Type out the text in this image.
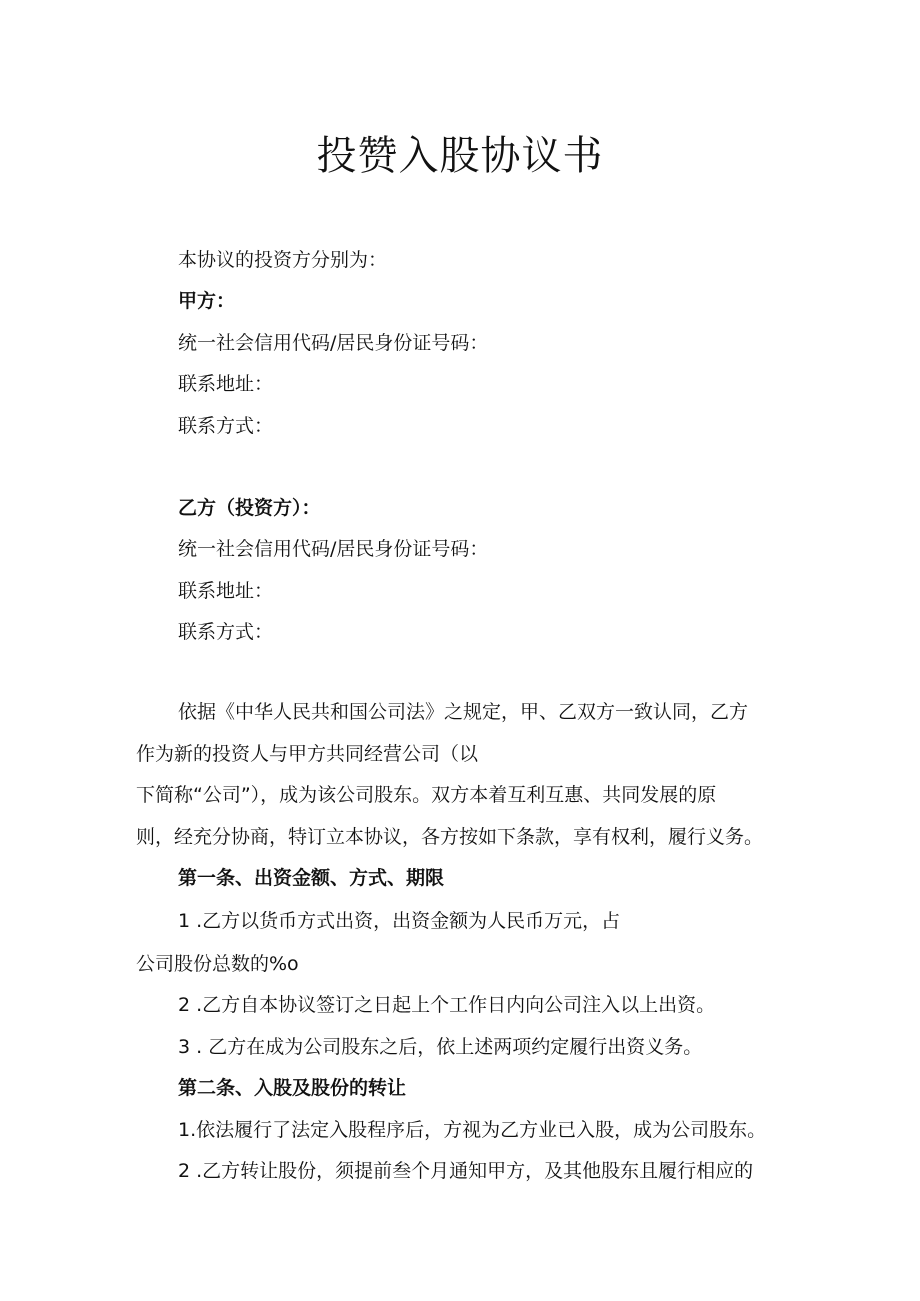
投赞入股协议书

本协议的投资方分别为：

甲方：

统一社会信用代码/居民身份证号码：

联系地址：

联系方式：

乙方（投资方）：

统一社会信用代码/居民身份证号码：

联系地址：

联系方式：

依据《中华人民共和国公司法》之规定，甲、乙双方一致认同，乙方

作为新的投资人与甲方共同经营公司（以

下简称“公司”），成为该公司股东。双方本着互利互惠、共同发展的原

则，经充分协商，特订立本协议，各方按如下条款，享有权利，履行义务。

第一条、出资金额、方式、期限

1 .乙方以货币方式出资，出资金额为人民币万元，占

公司股份总数的%o

2 .乙方自本协议签订之日起上个工作日内向公司注入以上出资。

3 . 乙方在成为公司股东之后，依上述两项约定履行出资义务。

第二条、入股及股份的转让

1.依法履行了法定入股程序后，方视为乙方业已入股，成为公司股东。

2 .乙方转让股份，须提前叁个月通知甲方，及其他股东且履行相应的
